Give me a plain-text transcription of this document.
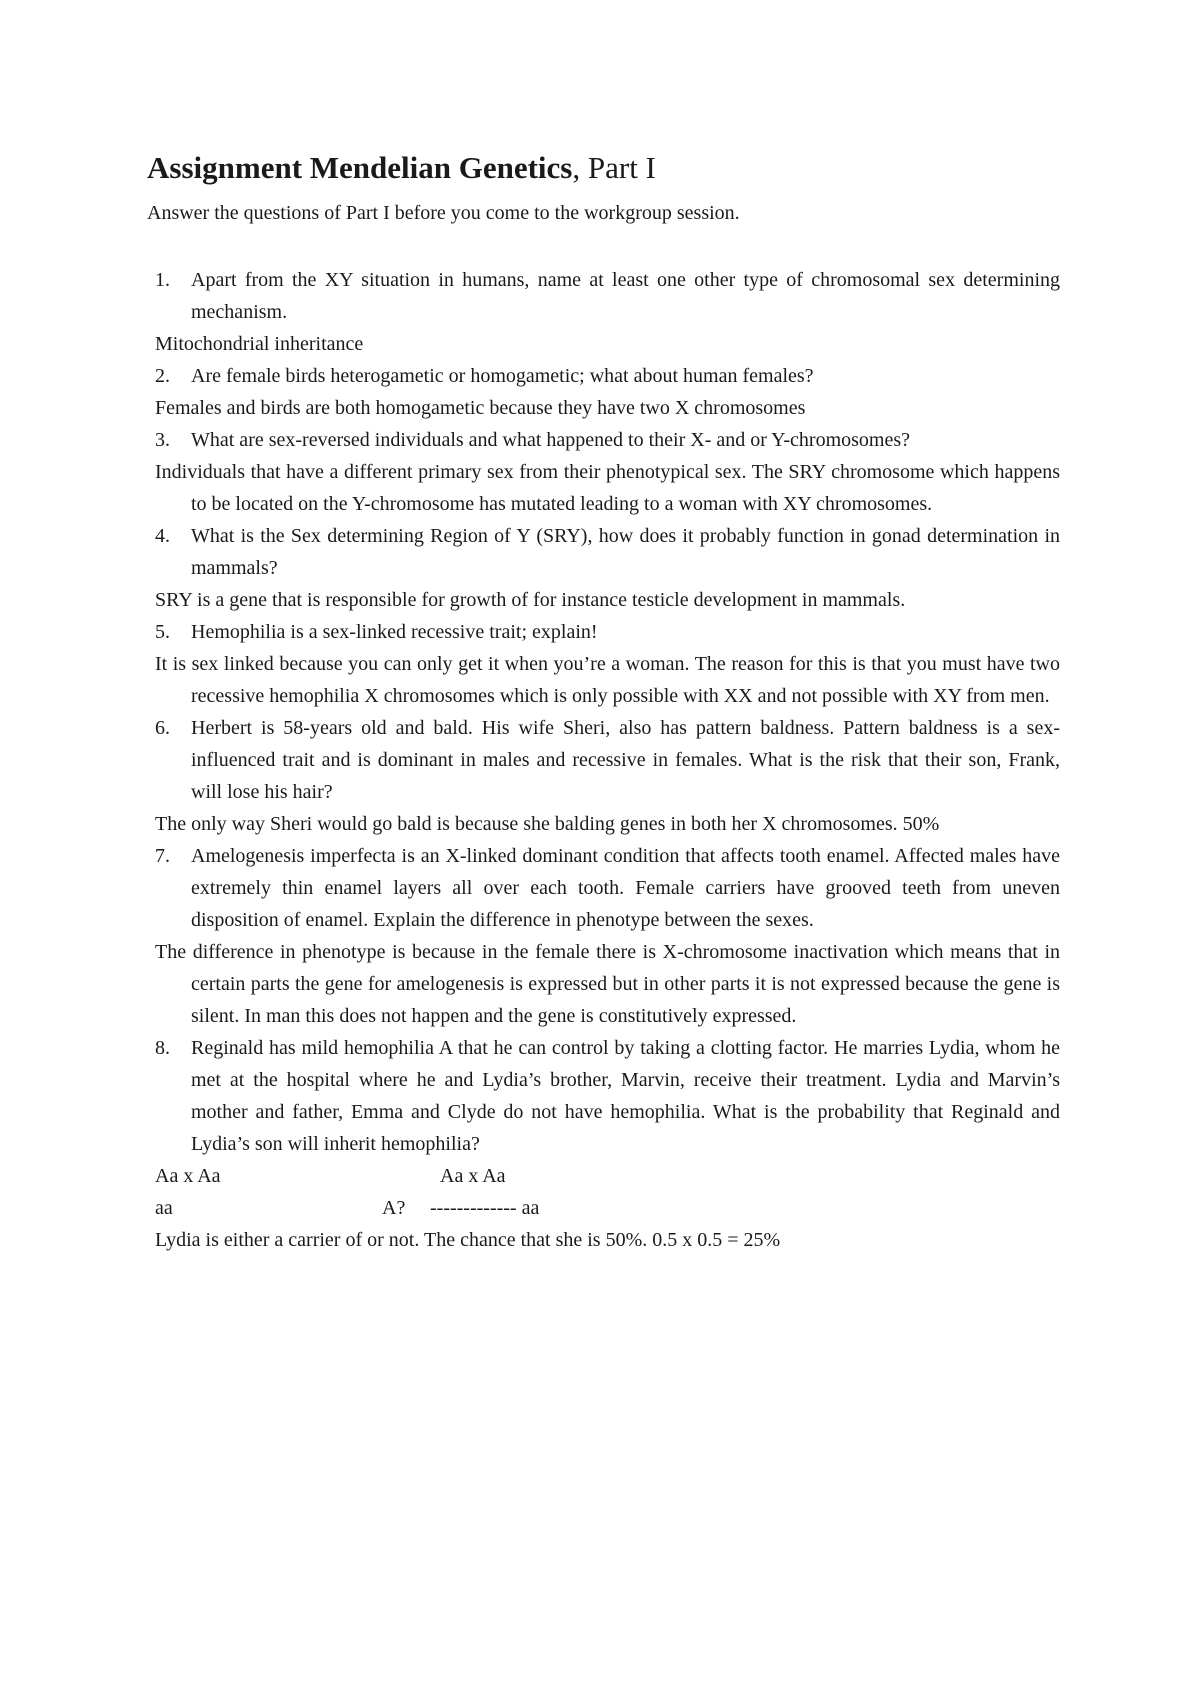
Assignment Mendelian Genetics, Part I
Answer the questions of Part I before you come to the workgroup session.
1. Apart from the XY situation in humans, name at least one other type of chromosomal sex determining mechanism.
Mitochondrial inheritance
2. Are female birds heterogametic or homogametic; what about human females?
Females and birds are both homogametic because they have two X chromosomes
3. What are sex-reversed individuals and what happened to their X- and or Y-chromosomes?
Individuals that have a different primary sex from their phenotypical sex. The SRY chromosome which happens to be located on the Y-chromosome has mutated leading to a woman with XY chromosomes.
4. What is the Sex determining Region of Y (SRY), how does it probably function in gonad determination in mammals?
SRY is a gene that is responsible for growth of for instance testicle development in mammals.
5. Hemophilia is a sex-linked recessive trait; explain!
It is sex linked because you can only get it when you’re a woman. The reason for this is that you must have two recessive hemophilia X chromosomes which is only possible with XX and not possible with XY from men.
6. Herbert is 58-years old and bald. His wife Sheri, also has pattern baldness. Pattern baldness is a sex-influenced trait and is dominant in males and recessive in females. What is the risk that their son, Frank, will lose his hair?
The only way Sheri would go bald is because she balding genes in both her X chromosomes. 50%
7. Amelogenesis imperfecta is an X-linked dominant condition that affects tooth enamel. Affected males have extremely thin enamel layers all over each tooth. Female carriers have grooved teeth from uneven disposition of enamel. Explain the difference in phenotype between the sexes.
The difference in phenotype is because in the female there is X-chromosome inactivation which means that in certain parts the gene for amelogenesis is expressed but in other parts it is not expressed because the gene is silent. In man this does not happen and the gene is constitutively expressed.
8. Reginald has mild hemophilia A that he can control by taking a clotting factor. He marries Lydia, whom he met at the hospital where he and Lydia’s brother, Marvin, receive their treatment. Lydia and Marvin’s mother and father, Emma and Clyde do not have hemophilia. What is the probability that Reginald and Lydia’s son will inherit hemophilia?

Aa x Aa

	Aa x Aa

aa

	A?

------------- aa

Lydia is either a carrier of or not. The chance that she is 50%. 0.5 x 0.5 = 25%
